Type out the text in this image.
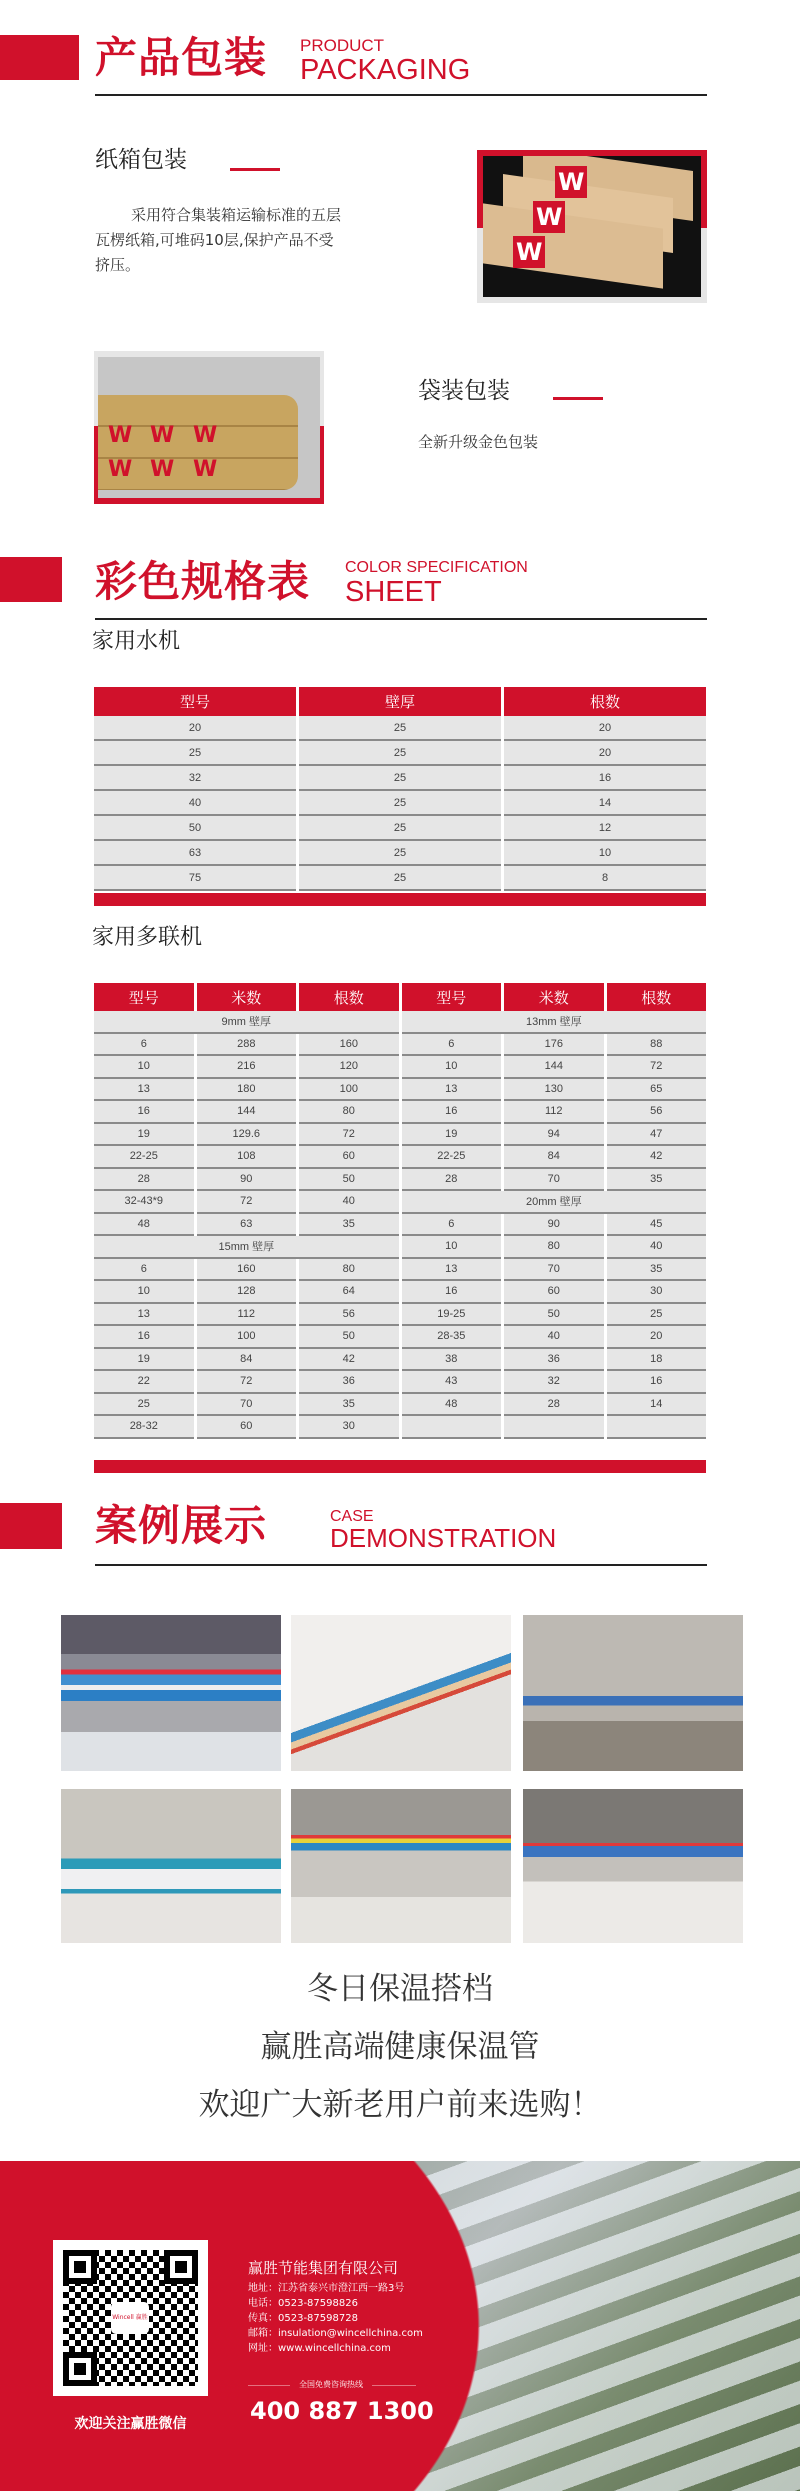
产品包装 PRODUCT
PACKAGING
纸箱包装
采用符合集装箱运输标准的五层
瓦楞纸箱,可堆码10层,保护产品不受
挤压。
W
W
W
W W W
W W W
袋装包装
全新升级金色包装
彩色规格表 COLOR SPECIFICATION
SHEET
家用水机
型号	壁厚	根数
20	25	20
25	25	20
32	25	16
40	25	14
50	25	12
63	25	10
75	25	8
家用多联机
型号	米数	根数	型号	米数	根数
9mm 壁厚			13mm 壁厚		
6	288	160	6	176	88
10	216	120	10	144	72
13	180	100	13	130	65
16	144	80	16	112	56
19	129.6	72	19	94	47
22-25	108	60	22-25	84	42
28	90	50	28	70	35
32-43*9	72	40	20mm 壁厚		
48	63	35	6	90	45
15mm 壁厚			10	80	40
6	160	80	13	70	35
10	128	64	16	60	30
13	112	56	19-25	50	25
16	100	50	28-35	40	20
19	84	42	38	36	18
22	72	36	43	32	16
25	70	35	48	28	14
28-32	60	30			
案例展示	CASE
DEMONSTRATION
冬日保温搭档
赢胜高端健康保温管
欢迎广大新老用户前来选购！
Wincell 赢胜
欢迎关注赢胜微信
赢胜节能集团有限公司
地址：江苏省泰兴市澄江西一路3号
电话：0523-87598826
传真：0523-87598728
邮箱：insulation@wincellchina.com
网址：www.wincellchina.com
全国免费咨询热线
400 887 1300
